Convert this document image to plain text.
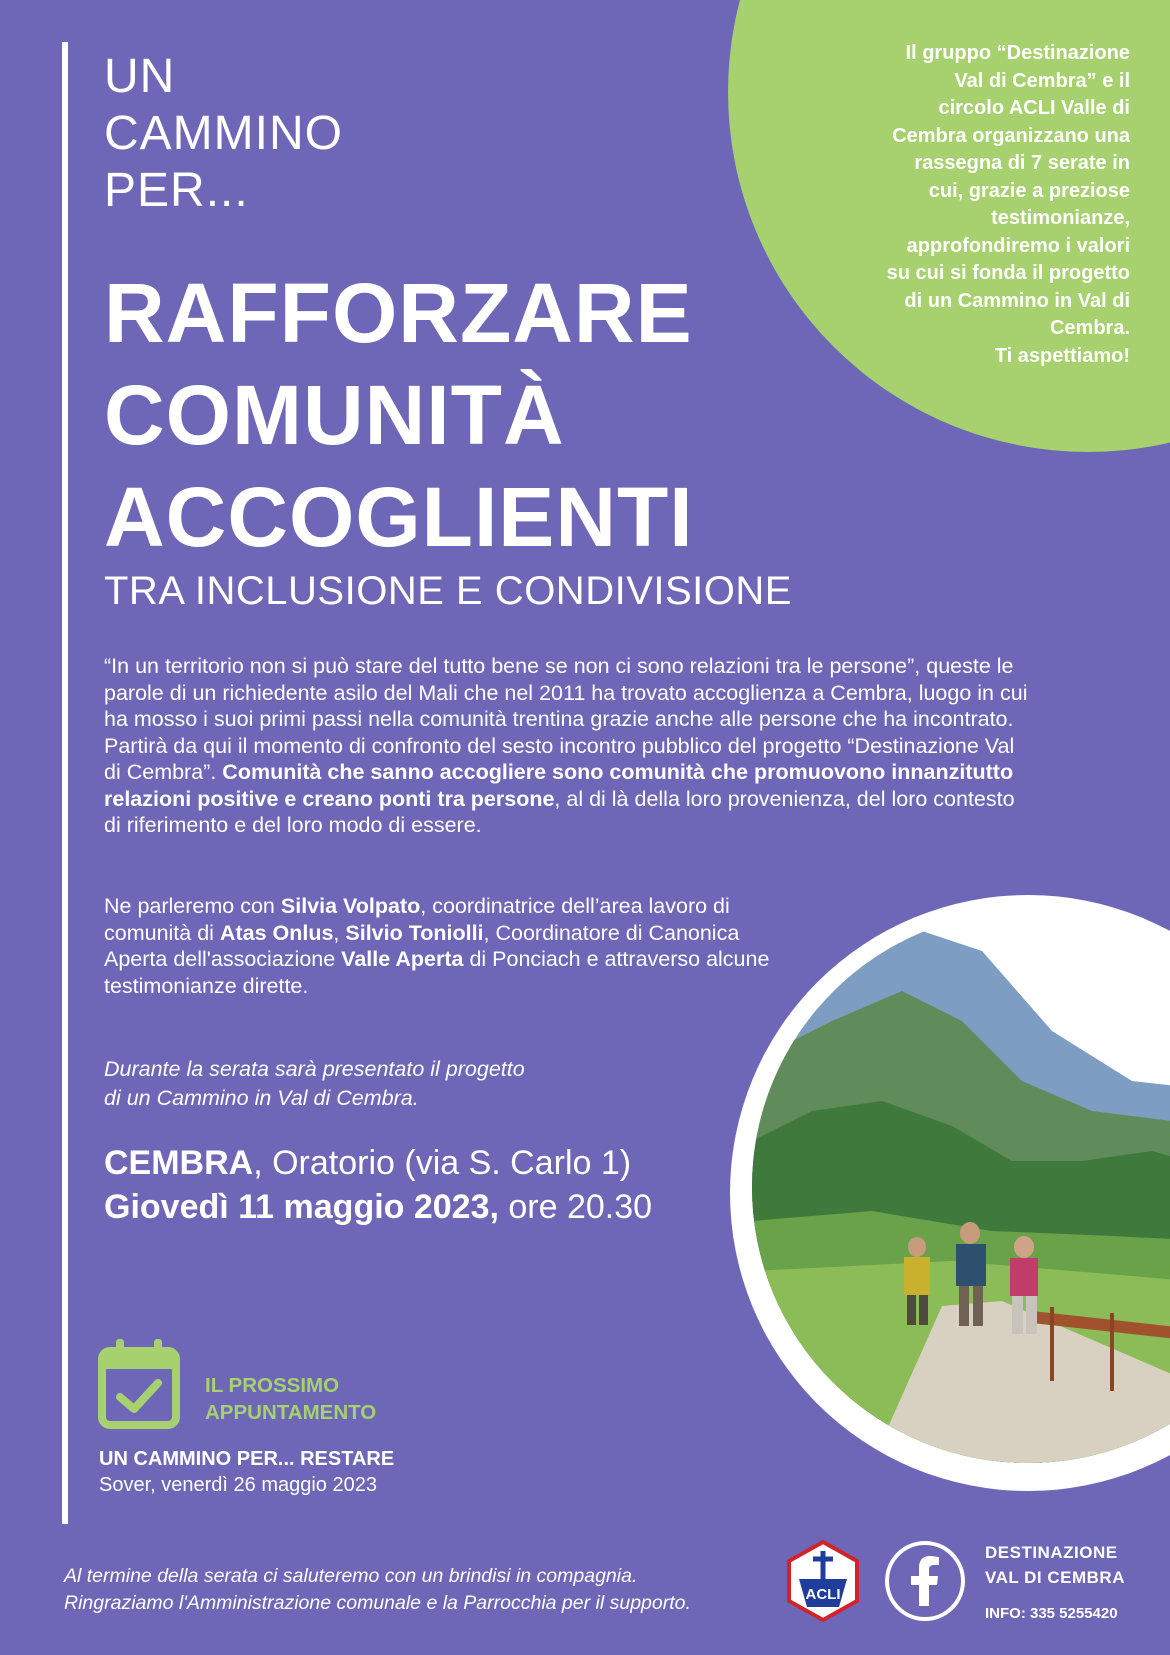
Il gruppo “Destinazione
Val di Cembra” e il
circolo ACLI Valle di
Cembra organizzano una
rassegna di 7 serate in
cui, grazie a preziose
testimonianze,
approfondiremo i valori
su cui si fonda il progetto
di un Cammino in Val di
Cembra.
Ti aspettiamo!
UN
CAMMINO
PER...
RAFFORZARE
COMUNITÀ
ACCOGLIENTI
TRA INCLUSIONE E CONDIVISIONE

“In un territorio non si può stare del tutto bene se non ci sono relazioni tra le persone”, queste le parole di un richiedente asilo del Mali che nel 2011 ha trovato accoglienza a Cembra, luogo in cui ha mosso i suoi primi passi nella comunità trentina grazie anche alle persone che ha incontrato.

Partirà da qui il momento di confronto del sesto incontro pubblico del progetto “Destinazione Val di Cembra”. Comunità che sanno accogliere sono comunità che promuovono innanzitutto relazioni positive e creano ponti tra persone, al di là della loro provenienza, del loro contesto di riferimento e del loro modo di essere.

Ne parleremo con Silvia Volpato, coordinatrice dell’area lavoro di comunità di Atas Onlus, Silvio Toniolli, Coordinatore di Canonica Aperta dell'associazione Valle Aperta di Ponciach e attraverso alcune testimonianze dirette.

Durante la serata sarà presentato il progetto

di un Cammino in Val di Cembra.

CEMBRA, Oratorio (via S. Carlo 1)
Giovedì 11 maggio 2023, ore 20.30
IL PROSSIMO
APPUNTAMENTO
UN CAMMINO PER... RESTARE
Sover, venerdì 26 maggio 2023

Al termine della serata ci saluteremo con un brindisi in compagnia.

Ringraziamo l'Amministrazione comunale e la Parrocchia per il supporto.	ACLI
DESTINAZIONE
VAL DI CEMBRA
INFO: 335 5255420
